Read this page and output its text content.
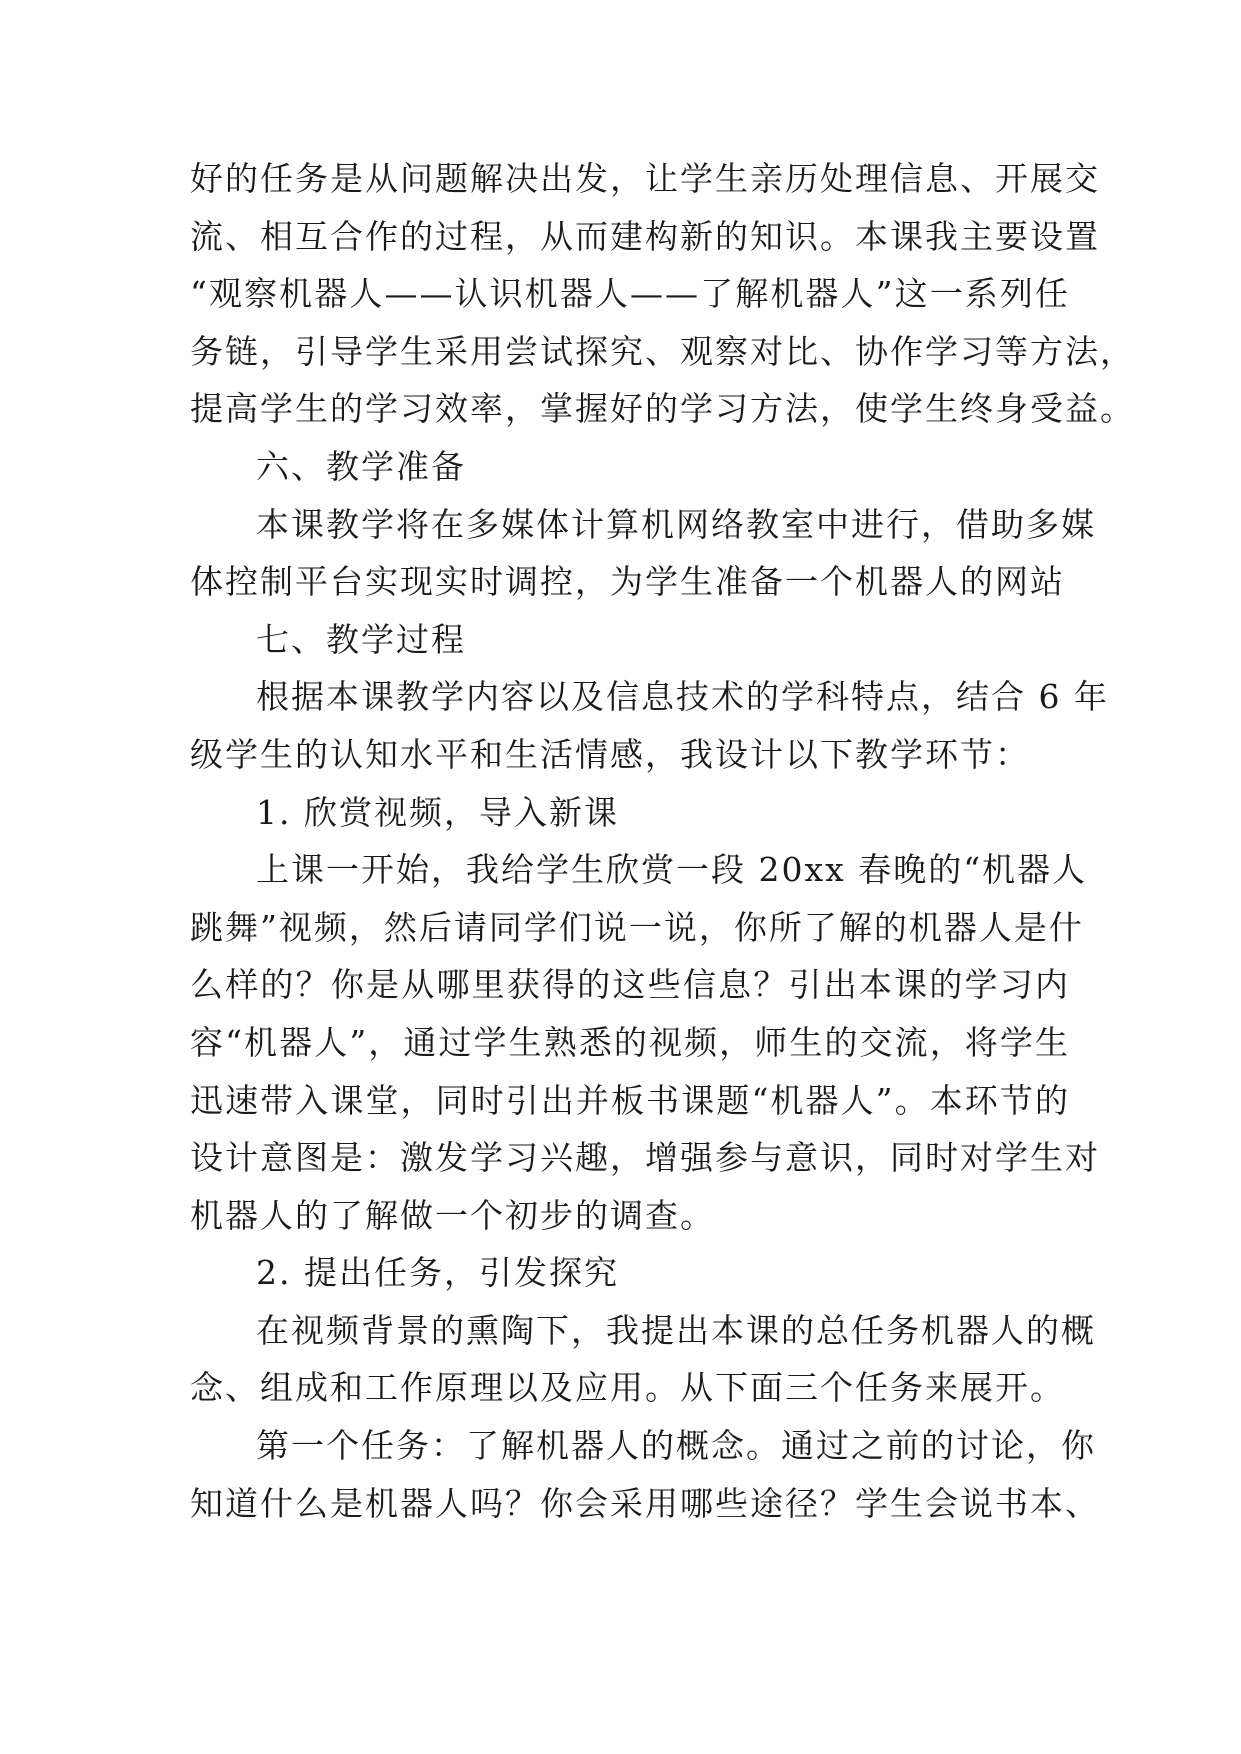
好的任务是从问题解决出发，让学生亲历处理信息、开展交
流、相互合作的过程，从而建构新的知识。本课我主要设置
“观察机器人——认识机器人——了解机器人”这一系列任
务链，引导学生采用尝试探究、观察对比、协作学习等方法，
提高学生的学习效率，掌握好的学习方法，使学生终身受益。
六、教学准备
本课教学将在多媒体计算机网络教室中进行，借助多媒
体控制平台实现实时调控，为学生准备一个机器人的网站
七、教学过程
根据本课教学内容以及信息技术的学科特点，结合 6 年
级学生的认知水平和生活情感，我设计以下教学环节：
1. 欣赏视频，导入新课
上课一开始，我给学生欣赏一段 20xx 春晚的“机器人
跳舞”视频，然后请同学们说一说，你所了解的机器人是什
么样的？你是从哪里获得的这些信息？引出本课的学习内
容“机器人”，通过学生熟悉的视频，师生的交流，将学生
迅速带入课堂，同时引出并板书课题“机器人”。本环节的
设计意图是：激发学习兴趣，增强参与意识，同时对学生对
机器人的了解做一个初步的调查。
2. 提出任务，引发探究
在视频背景的熏陶下，我提出本课的总任务机器人的概
念、组成和工作原理以及应用。从下面三个任务来展开。
第一个任务：了解机器人的概念。通过之前的讨论，你
知道什么是机器人吗？你会采用哪些途径？学生会说书本、
